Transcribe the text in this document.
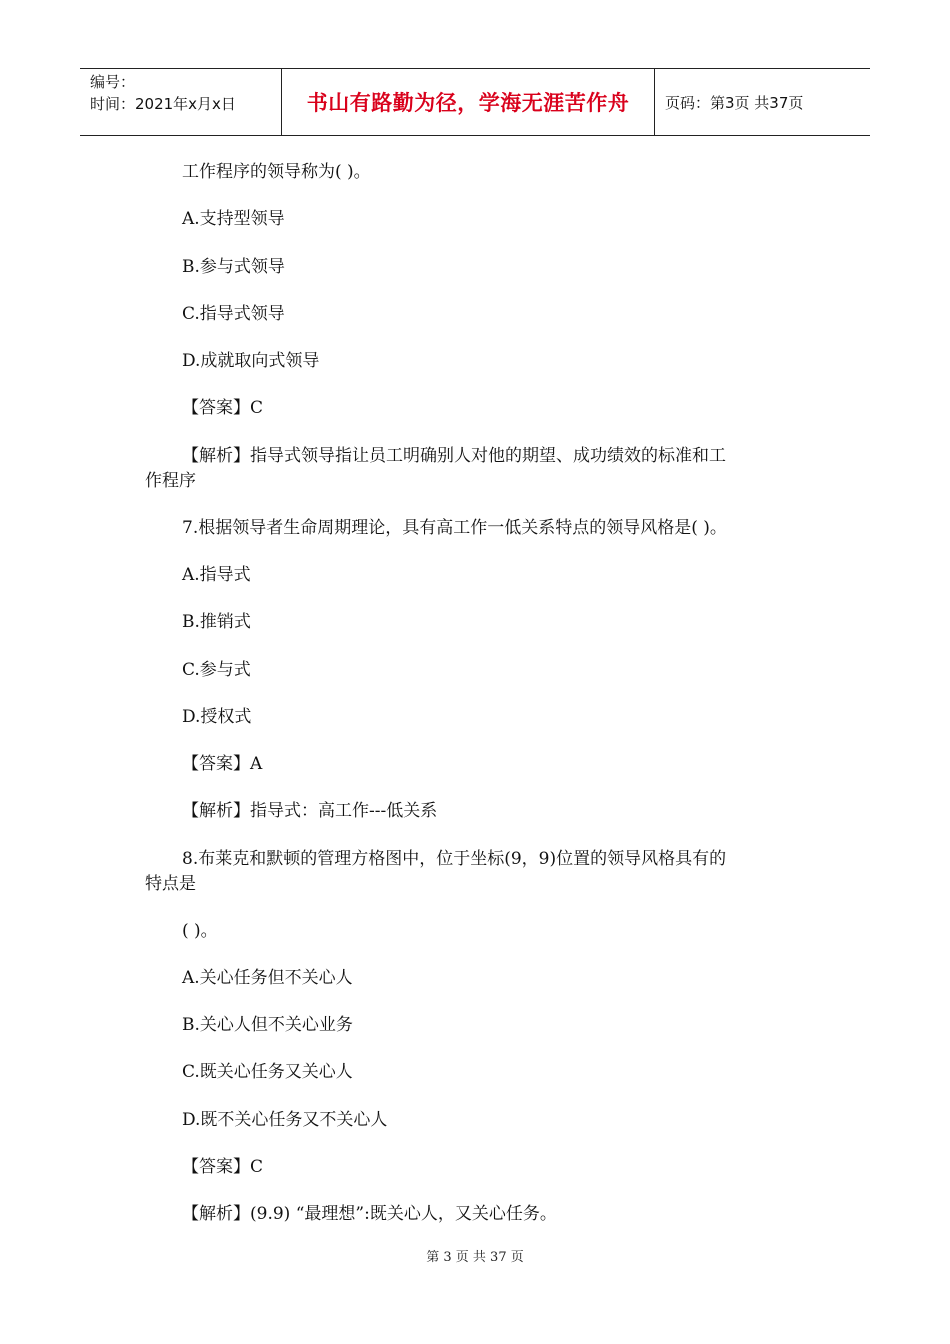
编号：
时间：2021年x月x日	书山有路勤为径，学海无涯苦作舟 页码：第3页 共37页
工作程序的领导称为( )。
A.支持型领导
B.参与式领导
C.指导式领导
D.成就取向式领导
【答案】C
【解析】指导式领导指让员工明确别人对他的期望、成功绩效的标准和工
作程序
7.根据领导者生命周期理论，具有高工作一低关系特点的领导风格是( )。
A.指导式
B.推销式
C.参与式
D.授权式
【答案】A
【解析】指导式：高工作---低关系
8.布莱克和默顿的管理方格图中，位于坐标(9，9)位置的领导风格具有的
特点是
( )。
A.关心任务但不关心人
B.关心人但不关心业务
C.既关心任务又关心人
D.既不关心任务又不关心人
【答案】C
【解析】(9.9) “最理想”:既关心人，又关心任务。
第 3 页 共 37 页
